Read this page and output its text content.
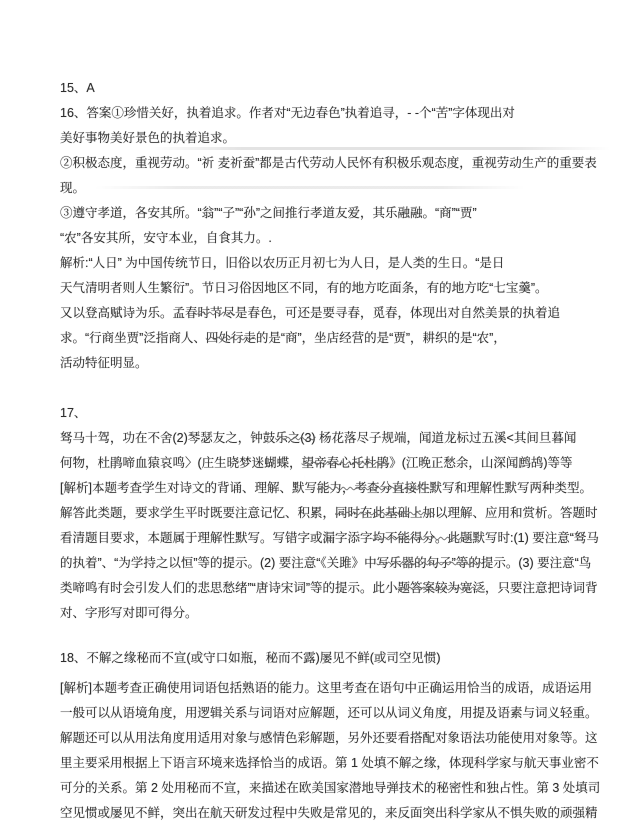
15、A
16、答案①珍惜关好，执着追求。作者对“无边春色”执着追寻，- -个“苦”字体现出对
美好事物美好景色的执着追求。
②积极态度，重视劳动。“祈 麦祈蚕”都是古代劳动人民怀有积极乐观态度，重视劳动生产的重要表
现。
③遵守孝道，各安其所。“翁”“子”“孙”之间推行孝道友爱，其乐融融。“商”“贾”
“农”各安其所，安守本业，自食其力。.
解析:“人日” 为中国传统节日，旧俗以农历正月初七为人日，是人类的生日。“是日
天气清明者则人生繁衍”。节日习俗因地区不同，有的地方吃面条，有的地方吃“七宝羹”。
又以登高赋诗为乐。孟春时节尽是春色，可还是要寻春，觅春，体现出对自然美景的执着追
求。“行商坐贾”泛指商人、四处行走的是“商”，坐店经营的是“贾”，耕织的是“农”，
活动特征明显。
17、
驽马十驾，功在不舍(2)琴瑟友之，钟鼓乐之(3) 杨花落尽子规端，闻道龙标过五溪<其间旦暮闻
何物，杜鹃啼血猿哀鸣〉(庄生晓梦迷蝴蝶，望帝春心托杜鹃》(江晚正愁余，山深闻鹧鸪)等等
[解析]本题考查学生对诗文的背诵、理解、默写能力，考查分直接性默写和理解性默写两种类型。
解答此类题，要求学生平时既要注意记忆、积累，同时在此基础上加以理解、应用和赏析。答题时
看清题目要求，本题属于理解性默写。写错字或漏字添字均不能得分。此题默写时:(1) 要注意“驽马
的执着”、“为学持之以恒”等的提示。(2) 要注意“《关雎》中写乐器的句子”等的提示。(3) 要注意“鸟
类啼鸣有时会引发人们的悲思愁绪”“唐诗宋词”等的提示。此小题答案较为宽泛，只要注意把诗词背
对、字形写对即可得分。
18、不解之缘秘而不宣(或守口如瓶，秘而不露)屡见不鲜(或司空见惯)
[解析]本题考查正确使用词语包括熟语的能力。这里考查在语句中正确运用恰当的成语，成语运用
一般可以从语境角度，用逻辑关系与词语对应解题，还可以从词义角度，用提及语素与词义轻重。
解题还可以从用法角度用适用对象与感情色彩解题，另外还要看搭配对象语法功能使用对象等。这
里主要采用根据上下语言环境来选择恰当的成语。第 1 处填不解之缘，体现科学家与航天事业密不
可分的关系。第 2 处用秘而不宣，来描述在欧美国家潜地导弹技术的秘密性和独占性。第 3 处填司
空见惯或屡见不鲜，突出在航天研发过程中失败是常见的，来反面突出科学家从不惧失败的顽强精
